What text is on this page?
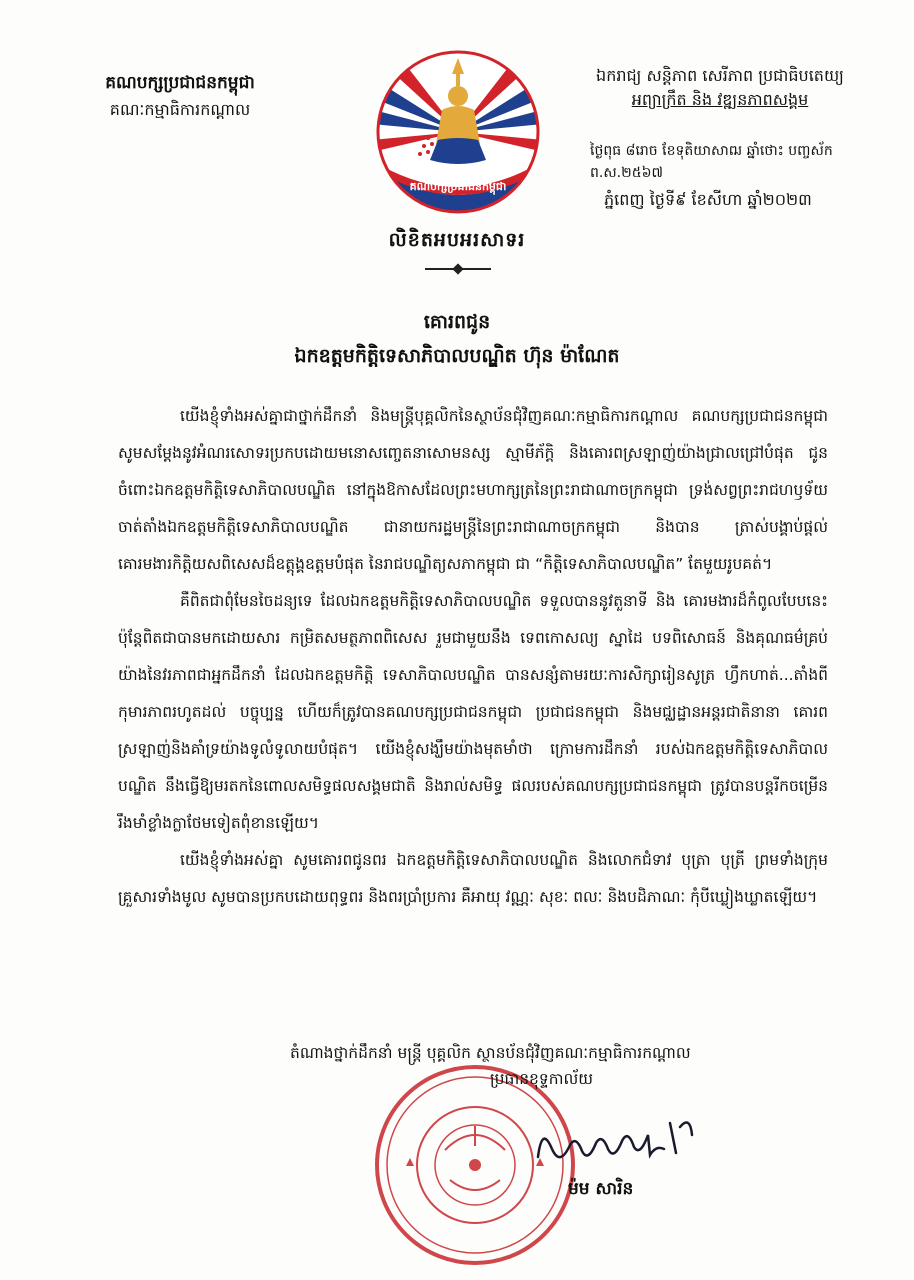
គណបក្សប្រជាជនកម្ពុជា
គណៈកម្មាធិការកណ្ដាល
គណបក្សប្រជាជនកម្ពុជា
ឯករាជ្យ សន្តិភាព សេរីភាព ប្រជាធិបតេយ្យ
អព្យាក្រឹត និង វឌ្ឍនភាពសង្គម
ថ្ងៃពុធ ៨រោច ខែទុតិយាសាឍ ឆ្នាំថោះ បញ្ចស័ក ព.ស.២៥៦៧
ភ្នំពេញ ថ្ងៃទី៩ ខែសីហា ឆ្នាំ២០២៣
លិខិតអបអរសាទរ
គោរពជូន
ឯកឧត្តមកិត្តិទេសាភិបាលបណ្ឌិត ហ៊ុន ម៉ាណែត

យើងខ្ញុំទាំងអស់គ្នាជាថ្នាក់ដឹកនាំ និងមន្ត្រីបុគ្គលិកនៃស្ថាប័នជុំវិញគណៈកម្មាធិការកណ្ដាល គណបក្សប្រជាជនកម្ពុជា សូមសម្ដែងនូវអំណរសោទរប្រកបដោយមនោសញ្ចេតនាសោមនស្ស ស្មាមីភ័ក្តិ និងគោរពស្រឡាញ់យ៉ាងជ្រាលជ្រៅបំផុត ជូនចំពោះឯកឧត្តមកិត្តិទេសាភិបាលបណ្ឌិត នៅក្នុងឱកាសដែលព្រះមហាក្សត្រនៃព្រះរាជាណាចក្រកម្ពុជា ទ្រង់សព្វព្រះរាជហឫទ័យ ចាត់តាំងឯកឧត្តមកិត្តិទេសាភិបាលបណ្ឌិត ជានាយករដ្ឋមន្ត្រីនៃព្រះរាជាណាចក្រកម្ពុជា និងបាន ត្រាស់បង្គាប់ផ្ដល់គោរមងារកិត្តិយសពិសេសដ៏ឧត្តុង្គឧត្តមបំផុត នៃរាជបណ្ឌិត្យសភាកម្ពុជា ជា “កិត្តិទេសាភិបាលបណ្ឌិត” តែមួយរូបគត់។

គឺពិតជាពុំមែនចៃដន្យទេ ដែលឯកឧត្តមកិត្តិទេសាភិបាលបណ្ឌិត ទទួលបាននូវតួនាទី និង គោរមងារដ៏កំពូលបែបនេះ ប៉ុន្តែពិតជាបានមកដោយសារ កម្រិតសមត្ថភាពពិសេស រួមជាមួយនឹង ទេពកោសល្យ ស្នាដៃ បទពិសោធន៍ និងគុណធម៌គ្រប់យ៉ាងនៃវរភាពជាអ្នកដឹកនាំ ដែលឯកឧត្តមកិត្តិ ទេសាភិបាលបណ្ឌិត បានសន្សំតាមរយៈការសិក្សារៀនសូត្រ ហ្វឹកហាត់...តាំងពីកុមារភាពរហូតដល់ បច្ចុប្បន្ន ហើយក៏ត្រូវបានគណបក្សប្រជាជនកម្ពុជា ប្រជាជនកម្ពុជា និងមជ្ឈដ្ឋានអន្តរជាតិនានា គោរពស្រឡាញ់និងគាំទ្រយ៉ាងទូលំទូលាយបំផុត។ យើងខ្ញុំសង្ឃឹមយ៉ាងមុតមាំថា ក្រោមការដឹកនាំ របស់ឯកឧត្តមកិត្តិទេសាភិបាលបណ្ឌិត នឹងធ្វើឱ្យមរតកនៃពោលសមិទ្ធផលសង្គមជាតិ និងរាល់សមិទ្ធ ផលរបស់គណបក្សប្រជាជនកម្ពុជា ត្រូវបានបន្តរីកចម្រើនរឹងមាំខ្លាំងក្លាថែមទៀតពុំខានឡើយ។

យើងខ្ញុំទាំងអស់គ្នា សូមគោរពជូនពរ ឯកឧត្តមកិត្តិទេសាភិបាលបណ្ឌិត និងលោកជំទាវ បុត្រា បុត្រី ព្រមទាំងក្រុមគ្រួសារទាំងមូល សូមបានប្រកបដោយពុទ្ធពរ និងពរប្រាំប្រការ គឺអាយុ វណ្ណៈ សុខៈ ពលៈ និងបដិភាណៈ កុំបីឃ្លៀងឃ្លាតឡើយ។

តំណាងថ្នាក់ដឹកនាំ មន្ត្រី បុគ្គលិក ស្ថានប័នជុំវិញគណៈកម្មាធិការកណ្ដាល
ប្រធានខុទ្ទកាល័យ
ម៉ម សារិន
